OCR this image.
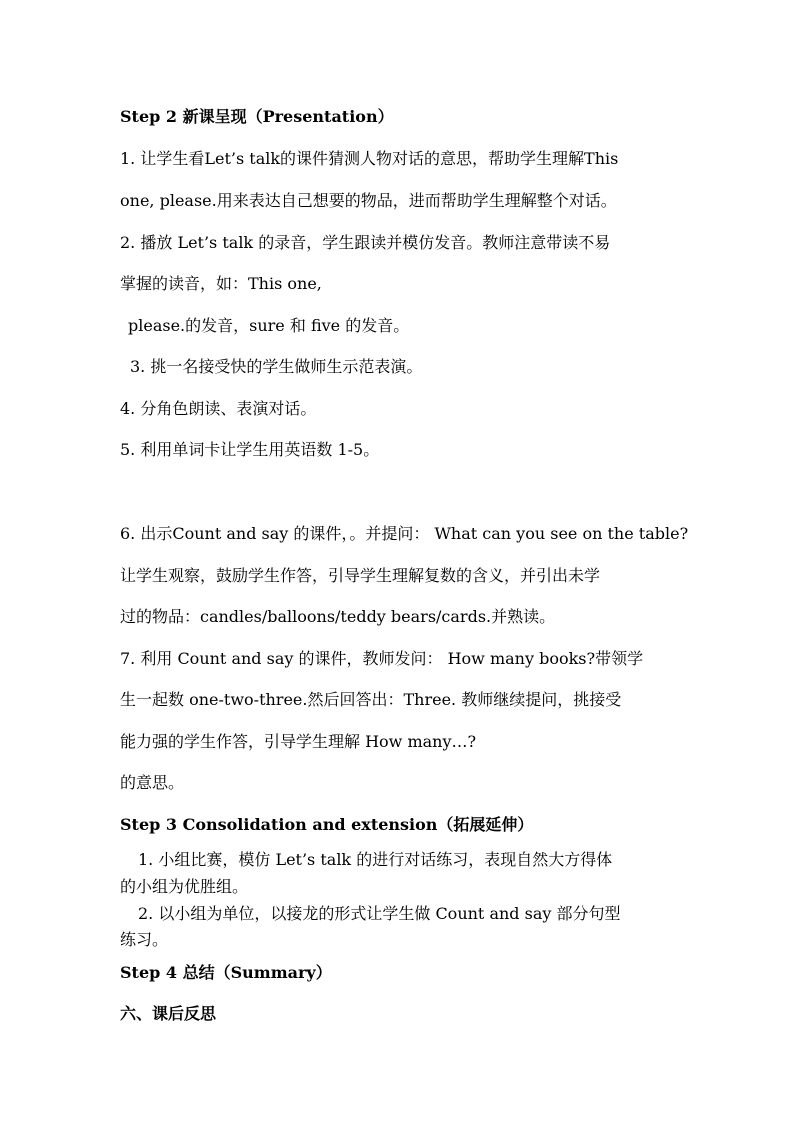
Step 2 新课呈现（Presentation）
1. 让学生看Let’s talk的课件猜测人物对话的意思，帮助学生理解This
one, please.用来表达自己想要的物品，进而帮助学生理解整个对话。
2. 播放 Let’s talk 的录音，学生跟读并模仿发音。教师注意带读不易
掌握的读音，如：This one,
please.的发音，sure 和 five 的发音。
3. 挑一名接受快的学生做师生示范表演。
4. 分角色朗读、表演对话。
5. 利用单词卡让学生用英语数 1-5。
6. 出示Count and say 的课件，。并提问： What can you see on the table?
让学生观察，鼓励学生作答，引导学生理解复数的含义，并引出未学
过的物品：candles/balloons/teddy bears/cards.并熟读。
7. 利用 Count and say 的课件，教师发问： How many books?带领学
生一起数 one-two-three.然后回答出：Three. 教师继续提问，挑接受
能力强的学生作答，引导学生理解 How many…?
的意思。
Step 3 Consolidation and extension（拓展延伸）
1. 小组比赛，模仿 Let’s talk 的进行对话练习，表现自然大方得体
的小组为优胜组。
2. 以小组为单位，以接龙的形式让学生做 Count and say 部分句型
练习。
Step 4 总结（Summary）
六、课后反思
